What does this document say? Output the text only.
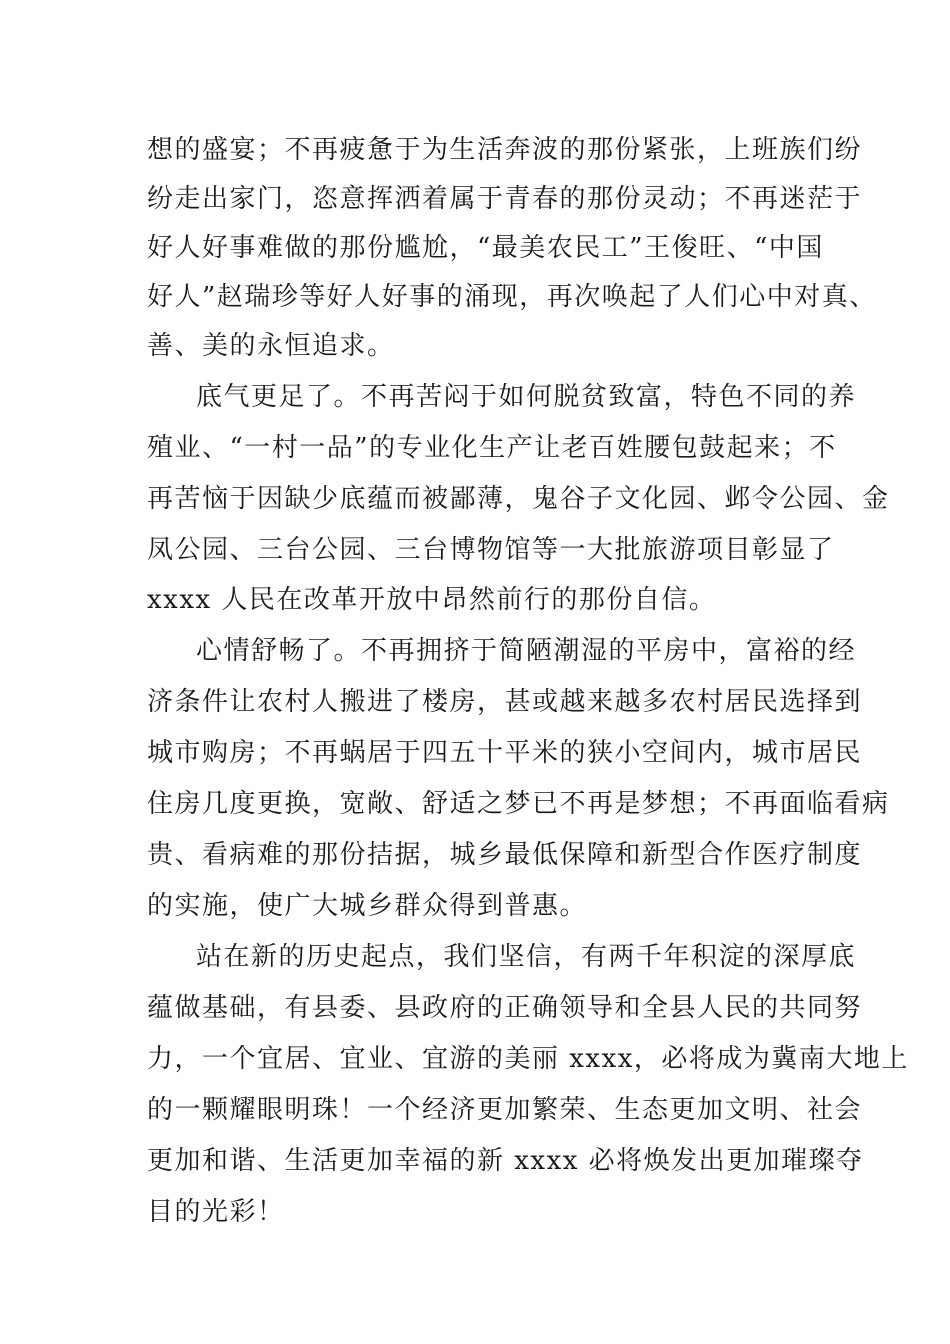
想的盛宴；不再疲惫于为生活奔波的那份紧张，上班族们纷
纷走出家门，恣意挥洒着属于青春的那份灵动；不再迷茫于
好人好事难做的那份尴尬，“最美农民工”王俊旺、“中国
好人”赵瑞珍等好人好事的涌现，再次唤起了人们心中对真、
善、美的永恒追求。
底气更足了。不再苦闷于如何脱贫致富，特色不同的养
殖业、“一村一品”的专业化生产让老百姓腰包鼓起来；不
再苦恼于因缺少底蕴而被鄙薄，鬼谷子文化园、邺令公园、金
凤公园、三台公园、三台博物馆等一大批旅游项目彰显了
xxxx 人民在改革开放中昂然前行的那份自信。
心情舒畅了。不再拥挤于简陋潮湿的平房中，富裕的经
济条件让农村人搬进了楼房，甚或越来越多农村居民选择到
城市购房；不再蜗居于四五十平米的狭小空间内，城市居民
住房几度更换，宽敞、舒适之梦已不再是梦想；不再面临看病
贵、看病难的那份拮据，城乡最低保障和新型合作医疗制度
的实施，使广大城乡群众得到普惠。
站在新的历史起点，我们坚信，有两千年积淀的深厚底
蕴做基础，有县委、县政府的正确领导和全县人民的共同努
力，一个宜居、宜业、宜游的美丽 xxxx，必将成为冀南大地上
的一颗耀眼明珠！一个经济更加繁荣、生态更加文明、社会
更加和谐、生活更加幸福的新 xxxx 必将焕发出更加璀璨夺
目的光彩！
